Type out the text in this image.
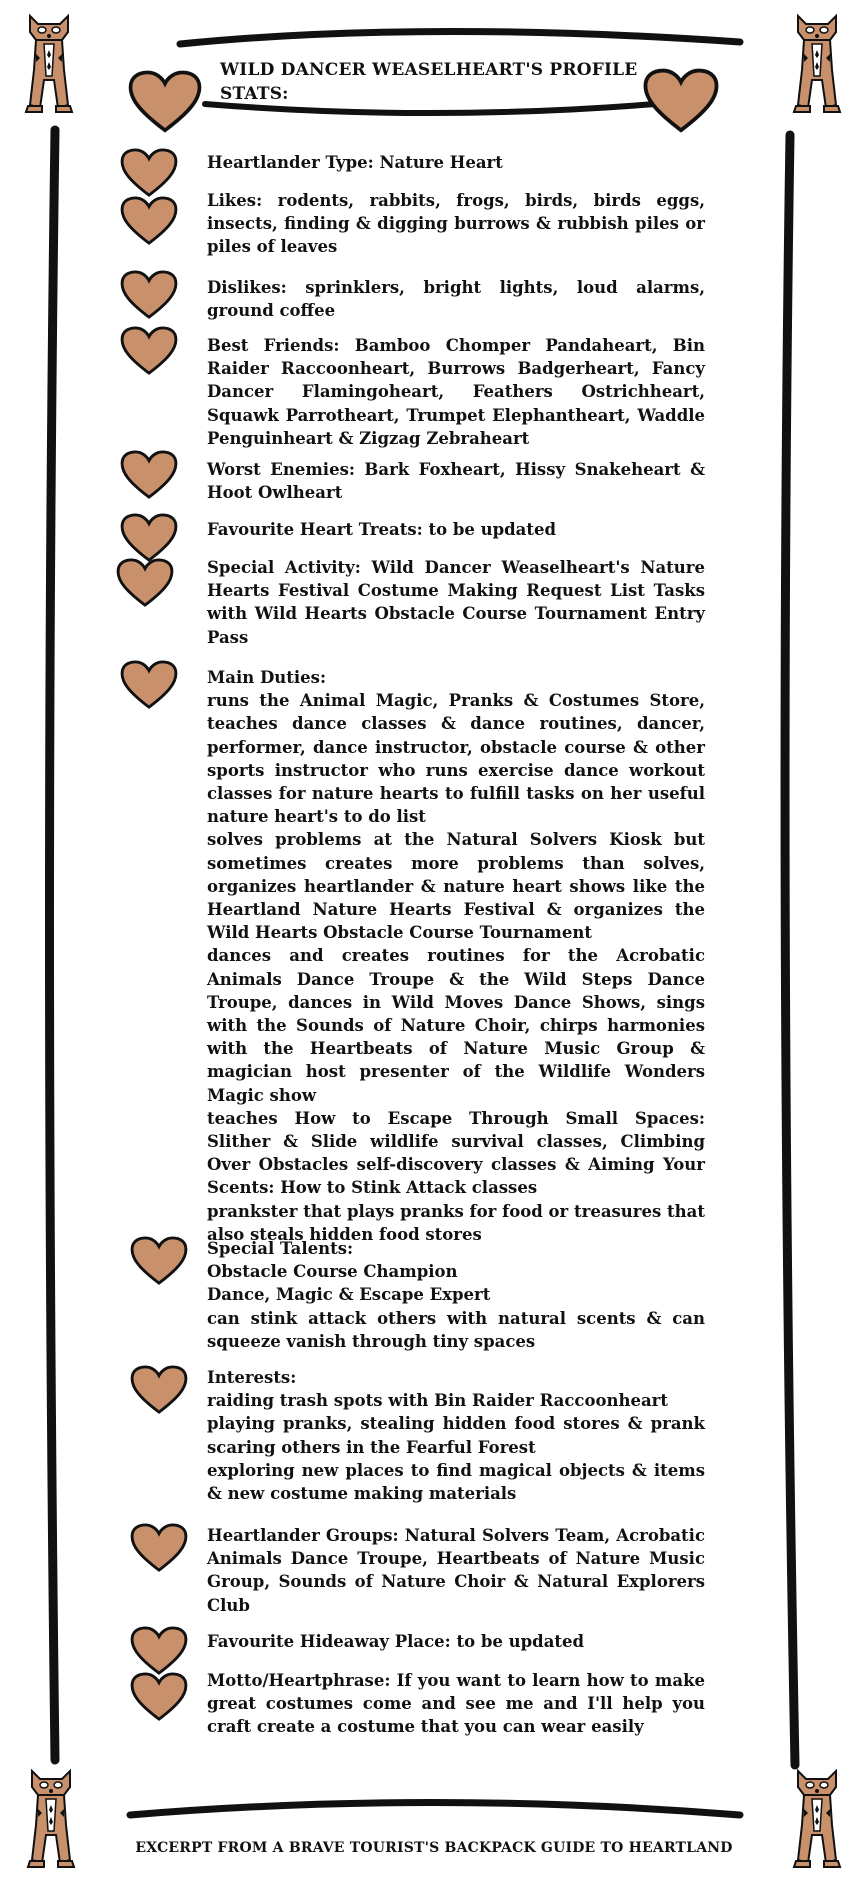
WILD DANCER WEASELHEART'S PROFILE
STATS:
Heartlander Type: Nature Heart
Likes: rodents, rabbits, frogs, birds, birds eggs, insects, finding & digging burrows & rubbish piles or piles of leaves
Dislikes: sprinklers, bright lights, loud alarms, ground coffee
Best Friends: Bamboo Chomper Pandaheart, Bin Raider Raccoonheart, Burrows Badgerheart, Fancy Dancer Flamingoheart, Feathers Ostrichheart, Squawk Parrotheart, Trumpet Elephantheart, Waddle Penguinheart & Zigzag Zebraheart
Worst Enemies: Bark Foxheart, Hissy Snakeheart & Hoot Owlheart
Favourite Heart Treats: to be updated
Special Activity: Wild Dancer Weaselheart's Nature Hearts Festival Costume Making Request List Tasks with Wild Hearts Obstacle Course Tournament Entry Pass
Main Duties:
runs the Animal Magic, Pranks & Costumes Store, teaches dance classes & dance routines, dancer, performer, dance instructor, obstacle course & other sports instructor who runs exercise dance workout classes for nature hearts to fulfill tasks on her useful nature heart's to do list
solves problems at the Natural Solvers Kiosk but sometimes creates more problems than solves, organizes heartlander & nature heart shows like the Heartland Nature Hearts Festival & organizes the Wild Hearts Obstacle Course Tournament
dances and creates routines for the Acrobatic Animals Dance Troupe & the Wild Steps Dance Troupe, dances in Wild Moves Dance Shows, sings with the Sounds of Nature Choir, chirps harmonies with the Heartbeats of Nature Music Group & magician host presenter of the Wildlife Wonders Magic show
teaches How to Escape Through Small Spaces: Slither & Slide wildlife survival classes, Climbing Over Obstacles self-discovery classes & Aiming Your Scents: How to Stink Attack classes
prankster that plays pranks for food or treasures that also steals hidden food stores
Special Talents:
Obstacle Course Champion
Dance, Magic & Escape Expert
can stink attack others with natural scents & can squeeze vanish through tiny spaces
Interests:
raiding trash spots with Bin Raider Raccoonheart
playing pranks, stealing hidden food stores & prank scaring others in the Fearful Forest
exploring new places to find magical objects & items & new costume making materials
Heartlander Groups: Natural Solvers Team, Acrobatic Animals Dance Troupe, Heartbeats of Nature Music Group, Sounds of Nature Choir & Natural Explorers Club
Favourite Hideaway Place: to be updated
Motto/Heartphrase: If you want to learn how to make great costumes come and see me and I'll help you craft create a costume that you can wear easily
EXCERPT FROM A BRAVE TOURIST'S BACKPACK GUIDE TO HEARTLAND
